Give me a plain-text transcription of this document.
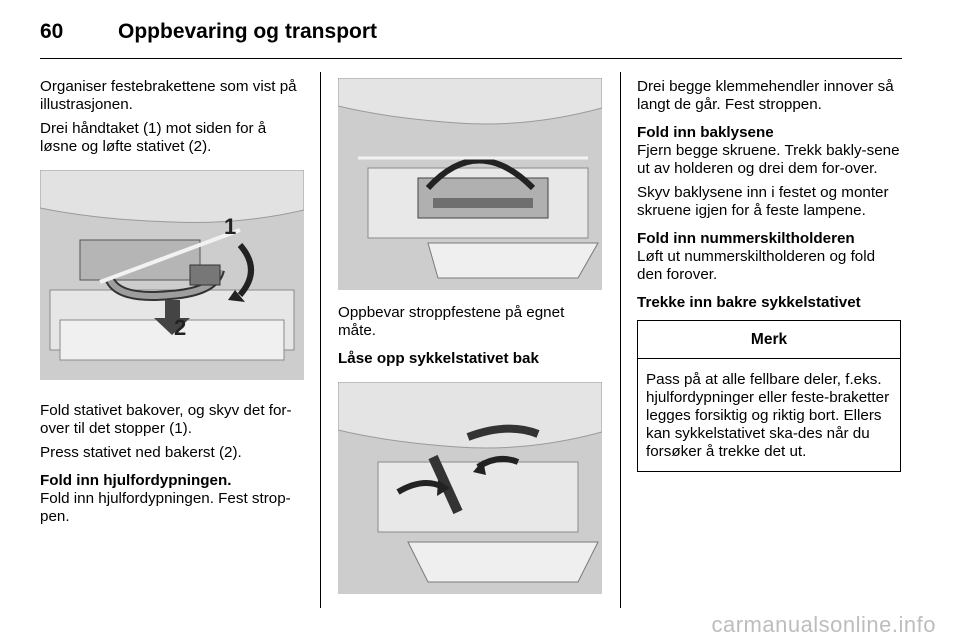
60	Oppbevaring og transport

Organiser festebrakettene som vist på illustrasjonen.

Drei håndtaket (1) mot siden for å løsne og løfte stativet (2).

1
2

Fold stativet bakover, og skyv det for-over til det stopper (1).

Press stativet ned bakerst (2).

Fold inn hjulfordypningen.

Fold inn hjulfordypningen. Fest strop-pen.

Oppbevar stroppfestene på egnet måte.

Låse opp sykkelstativet bak

Drei begge klemmehendler innover så langt de går. Fest stroppen.

Fold inn baklysene

Fjern begge skruene. Trekk bakly-sene ut av holderen og drei dem for-over.

Skyv baklysene inn i festet og monter skruene igjen for å feste lampene.

Fold inn nummerskiltholderen

Løft ut nummerskiltholderen og fold den forover.

Trekke inn bakre sykkelstativet
Merk
Pass på at alle fellbare deler, f.eks. hjulfordypninger eller feste-braketter legges forsiktig og riktig bort. Ellers kan sykkelstativet ska-des når du forsøker å trekke det ut.
carmanualsonline.info
